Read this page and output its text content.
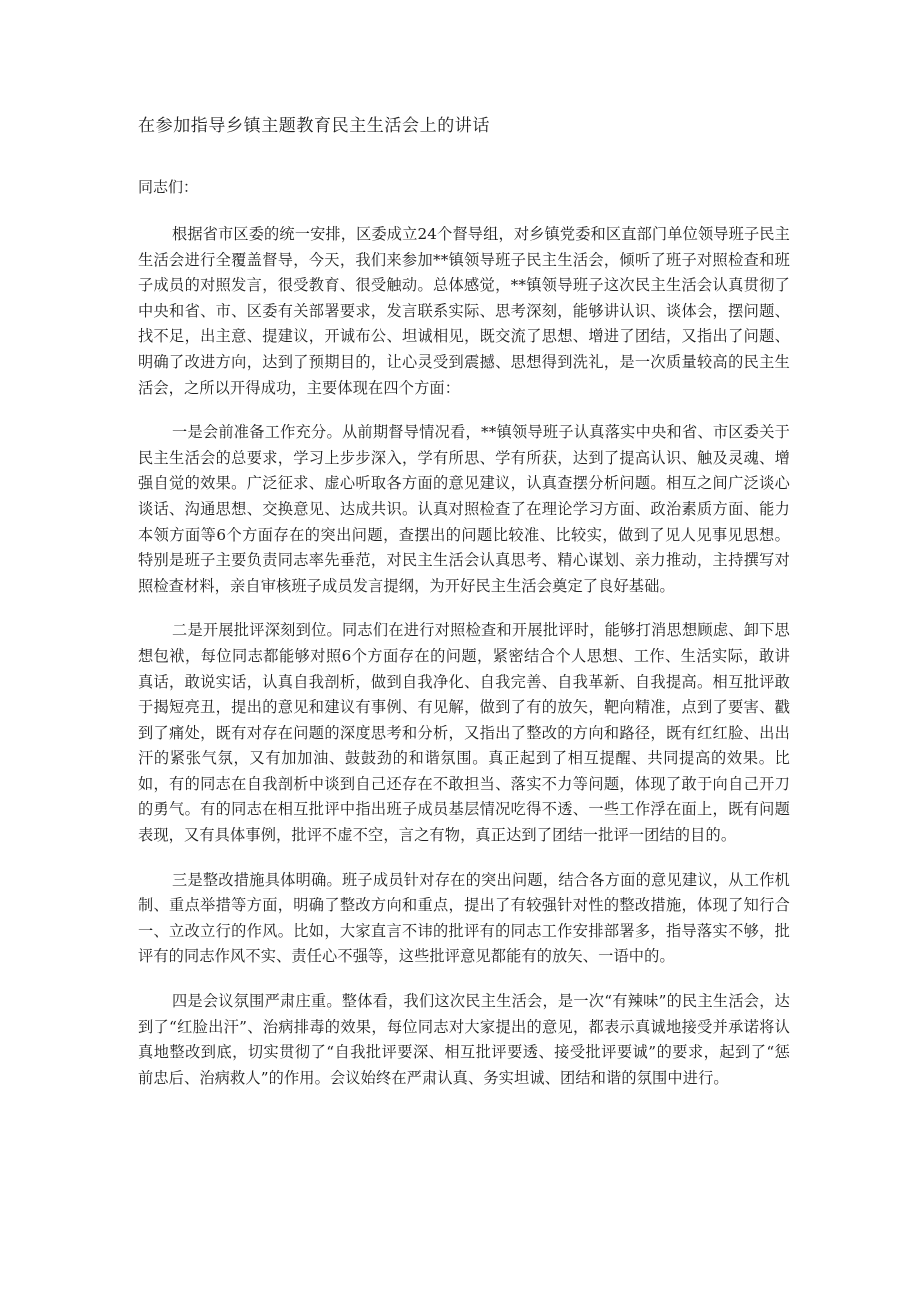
在参加指导乡镇主题教育民主生活会上的讲话

同志们：

根据省市区委的统一安排，区委成立24个督导组，对乡镇党委和区直部门单位领导班子民主生活会进行全覆盖督导，今天，我们来参加**镇领导班子民主生活会，倾听了班子对照检查和班子成员的对照发言，很受教育、很受触动。总体感觉，**镇领导班子这次民主生活会认真贯彻了中央和省、市、区委有关部署要求，发言联系实际、思考深刻，能够讲认识、谈体会，摆问题、找不足，出主意、提建议，开诚布公、坦诚相见，既交流了思想、增进了团结，又指出了问题、明确了改进方向，达到了预期目的，让心灵受到震撼、思想得到洗礼，是一次质量较高的民主生活会，之所以开得成功，主要体现在四个方面：

一是会前准备工作充分。从前期督导情况看，**镇领导班子认真落实中央和省、市区委关于民主生活会的总要求，学习上步步深入，学有所思、学有所获，达到了提高认识、触及灵魂、增强自觉的效果。广泛征求、虚心听取各方面的意见建议，认真查摆分析问题。相互之间广泛谈心谈话、沟通思想、交换意见、达成共识。认真对照检查了在理论学习方面、政治素质方面、能力本领方面等6个方面存在的突出问题，查摆出的问题比较准、比较实，做到了见人见事见思想。特别是班子主要负责同志率先垂范，对民主生活会认真思考、精心谋划、亲力推动，主持撰写对照检查材料，亲自审核班子成员发言提纲，为开好民主生活会奠定了良好基础。

二是开展批评深刻到位。同志们在进行对照检查和开展批评时，能够打消思想顾虑、卸下思想包袱，每位同志都能够对照6个方面存在的问题，紧密结合个人思想、工作、生活实际，敢讲真话，敢说实话，认真自我剖析，做到自我净化、自我完善、自我革新、自我提高。相互批评敢于揭短亮丑，提出的意见和建议有事例、有见解，做到了有的放矢，靶向精准，点到了要害、戳到了痛处，既有对存在问题的深度思考和分析，又指出了整改的方向和路径，既有红红脸、出出汗的紧张气氛，又有加加油、鼓鼓劲的和谐氛围。真正起到了相互提醒、共同提高的效果。比如，有的同志在自我剖析中谈到自己还存在不敢担当、落实不力等问题，体现了敢于向自己开刀的勇气。有的同志在相互批评中指出班子成员基层情况吃得不透、一些工作浮在面上，既有问题表现，又有具体事例，批评不虚不空，言之有物，真正达到了团结一批评一团结的目的。

三是整改措施具体明确。班子成员针对存在的突出问题，结合各方面的意见建议，从工作机制、重点举措等方面，明确了整改方向和重点，提出了有较强针对性的整改措施，体现了知行合一、立改立行的作风。比如，大家直言不讳的批评有的同志工作安排部署多，指导落实不够，批评有的同志作风不实、责任心不强等，这些批评意见都能有的放矢、一语中的。

四是会议氛围严肃庄重。整体看，我们这次民主生活会，是一次“有辣味”的民主生活会，达到了“红脸出汗”、治病排毒的效果，每位同志对大家提出的意见，都表示真诚地接受并承诺将认真地整改到底，切实贯彻了“自我批评要深、相互批评要透、接受批评要诚”的要求，起到了“惩前忠后、治病救人”的作用。会议始终在严肃认真、务实坦诚、团结和谐的氛围中进行。
